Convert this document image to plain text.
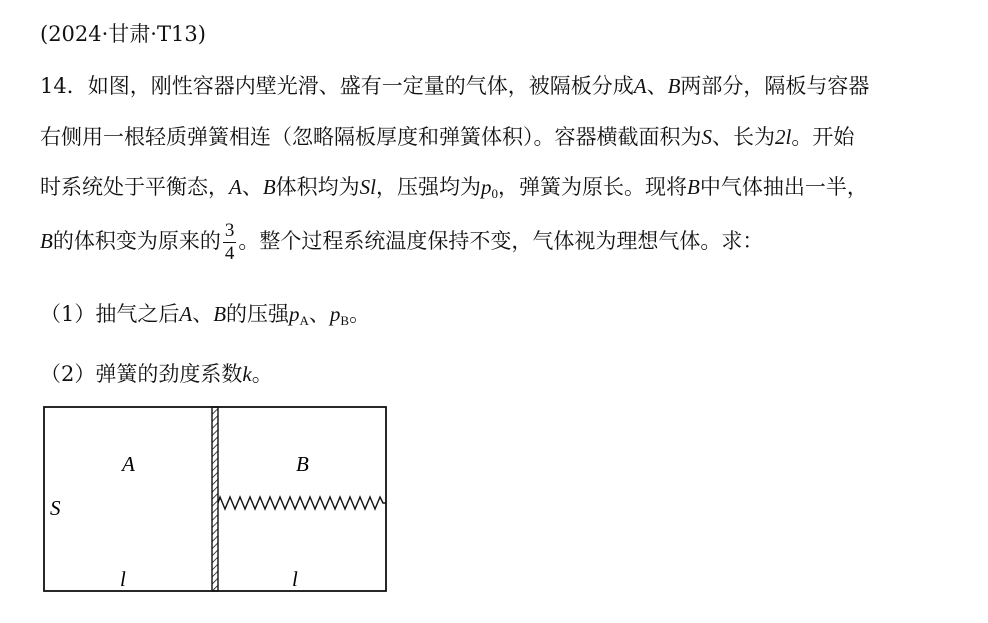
(2024·甘肃·T13)
14．如图，刚性容器内壁光滑、盛有一定量的气体，被隔板分成A、B两部分，隔板与容器
右侧用一根轻质弹簧相连（忽略隔板厚度和弹簧体积）。容器横截面积为S、长为2l。开始
时系统处于平衡态，A、B体积均为Sl，压强均为$p_0$，弹簧为原长。现将B中气体抽出一半，
B的体积变为原来的 $\frac{3}{4}$ 。整个过程系统温度保持不变，气体视为理想气体。求：
（1）抽气之后A、B的压强$p_A$、$p_B$。
（2）弹簧的劲度系数k。
A	B
S
l	l
